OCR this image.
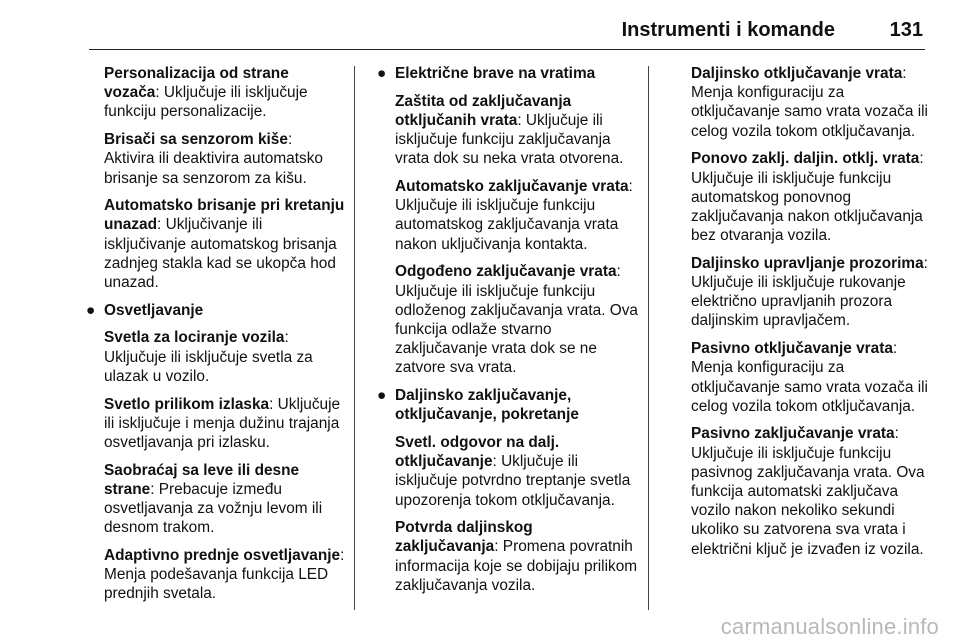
Instrumenti i komande	131

Personalizacija od strane vozača: Uključuje ili isključuje funkciju personalizacije.

Brisači sa senzorom kiše: Aktivira ili deaktivira automatsko brisanje sa senzorom za kišu.

Automatsko brisanje pri kretanju unazad: Uključivanje ili isključivanje automatskog brisanja zadnjeg stakla kad se ukopča hod unazad.

● Osvetljavanje

Svetla za lociranje vozila: Uključuje ili isključuje svetla za ulazak u vozilo.

Svetlo prilikom izlaska: Uključuje ili isključuje i menja dužinu trajanja osvetljavanja pri izlasku.

Saobraćaj sa leve ili desne strane: Prebacuje između osvetljavanja za vožnju levom ili desnom trakom.

Adaptivno prednje osvetljavanje: Menja podešavanja funkcija LED prednjih svetala.

● Električne brave na vratima

Zaštita od zaključavanja otključanih vrata: Uključuje ili isključuje funkciju zaključavanja vrata dok su neka vrata otvorena.

Automatsko zaključavanje vrata: Uključuje ili isključuje funkciju automatskog zaključavanja vrata nakon uključivanja kontakta.

Odgođeno zaključavanje vrata: Uključuje ili isključuje funkciju odloženog zaključavanja vrata. Ova funkcija odlaže stvarno zaključavanje vrata dok se ne zatvore sva vrata.

● Daljinsko zaključavanje, otključavanje, pokretanje

Svetl. odgovor na dalj. otključavanje: Uključuje ili isključuje potvrdno treptanje svetla upozorenja tokom otključavanja.

Potvrda daljinskog zaključavanja: Promena povratnih informacija koje se dobijaju prilikom zaključavanja vozila.

Daljinsko otključavanje vrata: Menja konfiguraciju za otključavanje samo vrata vozača ili celog vozila tokom otključavanja.

Ponovo zaklj. daljin. otklj. vrata: Uključuje ili isključuje funkciju automatskog ponovnog zaključavanja nakon otključavanja bez otvaranja vozila.

Daljinsko upravljanje prozorima: Uključuje ili isključuje rukovanje električno upravljanih prozora daljinskim upravljačem.

Pasivno otključavanje vrata: Menja konfiguraciju za otključavanje samo vrata vozača ili celog vozila tokom otključavanja.

Pasivno zaključavanje vrata: Uključuje ili isključuje funkciju pasivnog zaključavanja vrata. Ova funkcija automatski zaključava vozilo nakon nekoliko sekundi ukoliko su zatvorena sva vrata i električni ključ je izvađen iz vozila.

carmanualsonline.info
